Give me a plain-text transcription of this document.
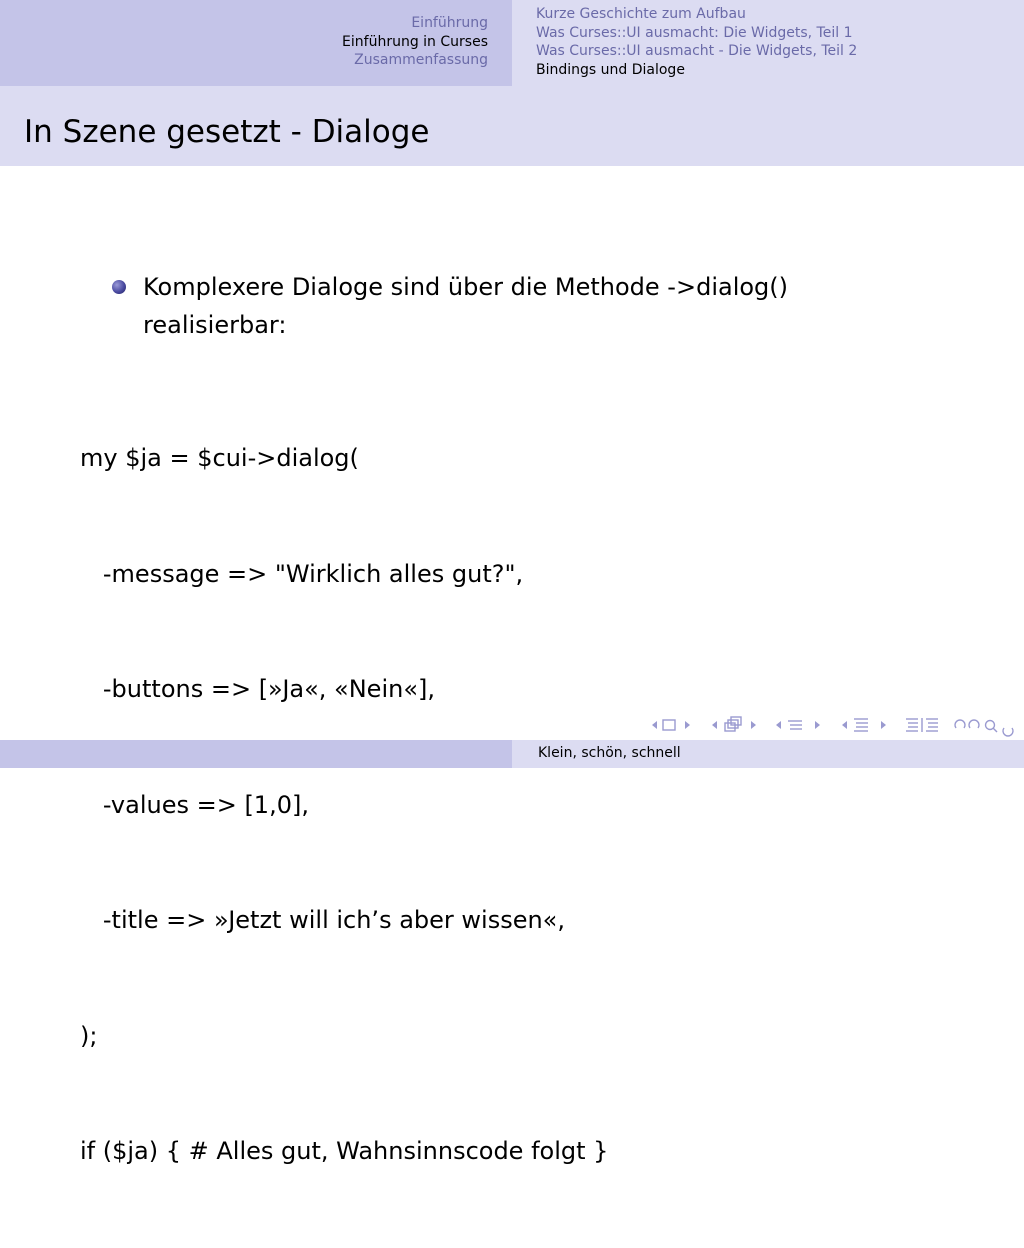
Einführung
Einführung in Curses
Zusammenfassung
Kurze Geschichte zum Aufbau
Was Curses::UI ausmacht: Die Widgets, Teil 1
Was Curses::UI ausmacht - Die Widgets, Teil 2
Bindings und Dialoge
In Szene gesetzt - Dialoge
Komplexere Dialoge sind über die Methode ->dialog() realisierbar:

my $ja = $cui->dialog(

-message => "Wirklich alles gut?",

-buttons => [»Ja«, «Nein«],

-values => [1,0],

-title => »Jetzt will ich’s aber wissen«,

);

if ($ja) { # Alles gut, Wahnsinnscode folgt }

Klein, schön, schnell
